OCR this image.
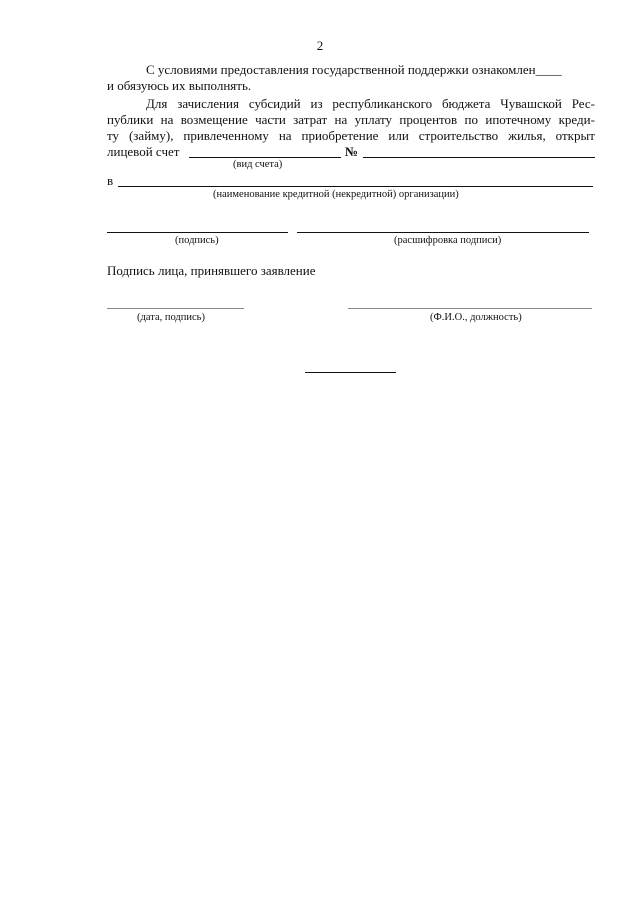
2
С условиями предоставления государственной поддержки ознакомлен____
и обязуюсь их выполнять.
Для зачисления субсидий из республиканского бюджета Чувашской Рес-
публики на возмещение части затрат на уплату процентов по ипотечному креди-
ту (займу), привлеченному на приобретение или строительство жилья, открыт
лицевой счет	№
(вид счета)
в
(наименование кредитной (некредитной) организации)
(подпись)	(расшифровка подписи)
Подпись лица, принявшего заявление
(дата, подпись)	(Ф.И.О., должность)
